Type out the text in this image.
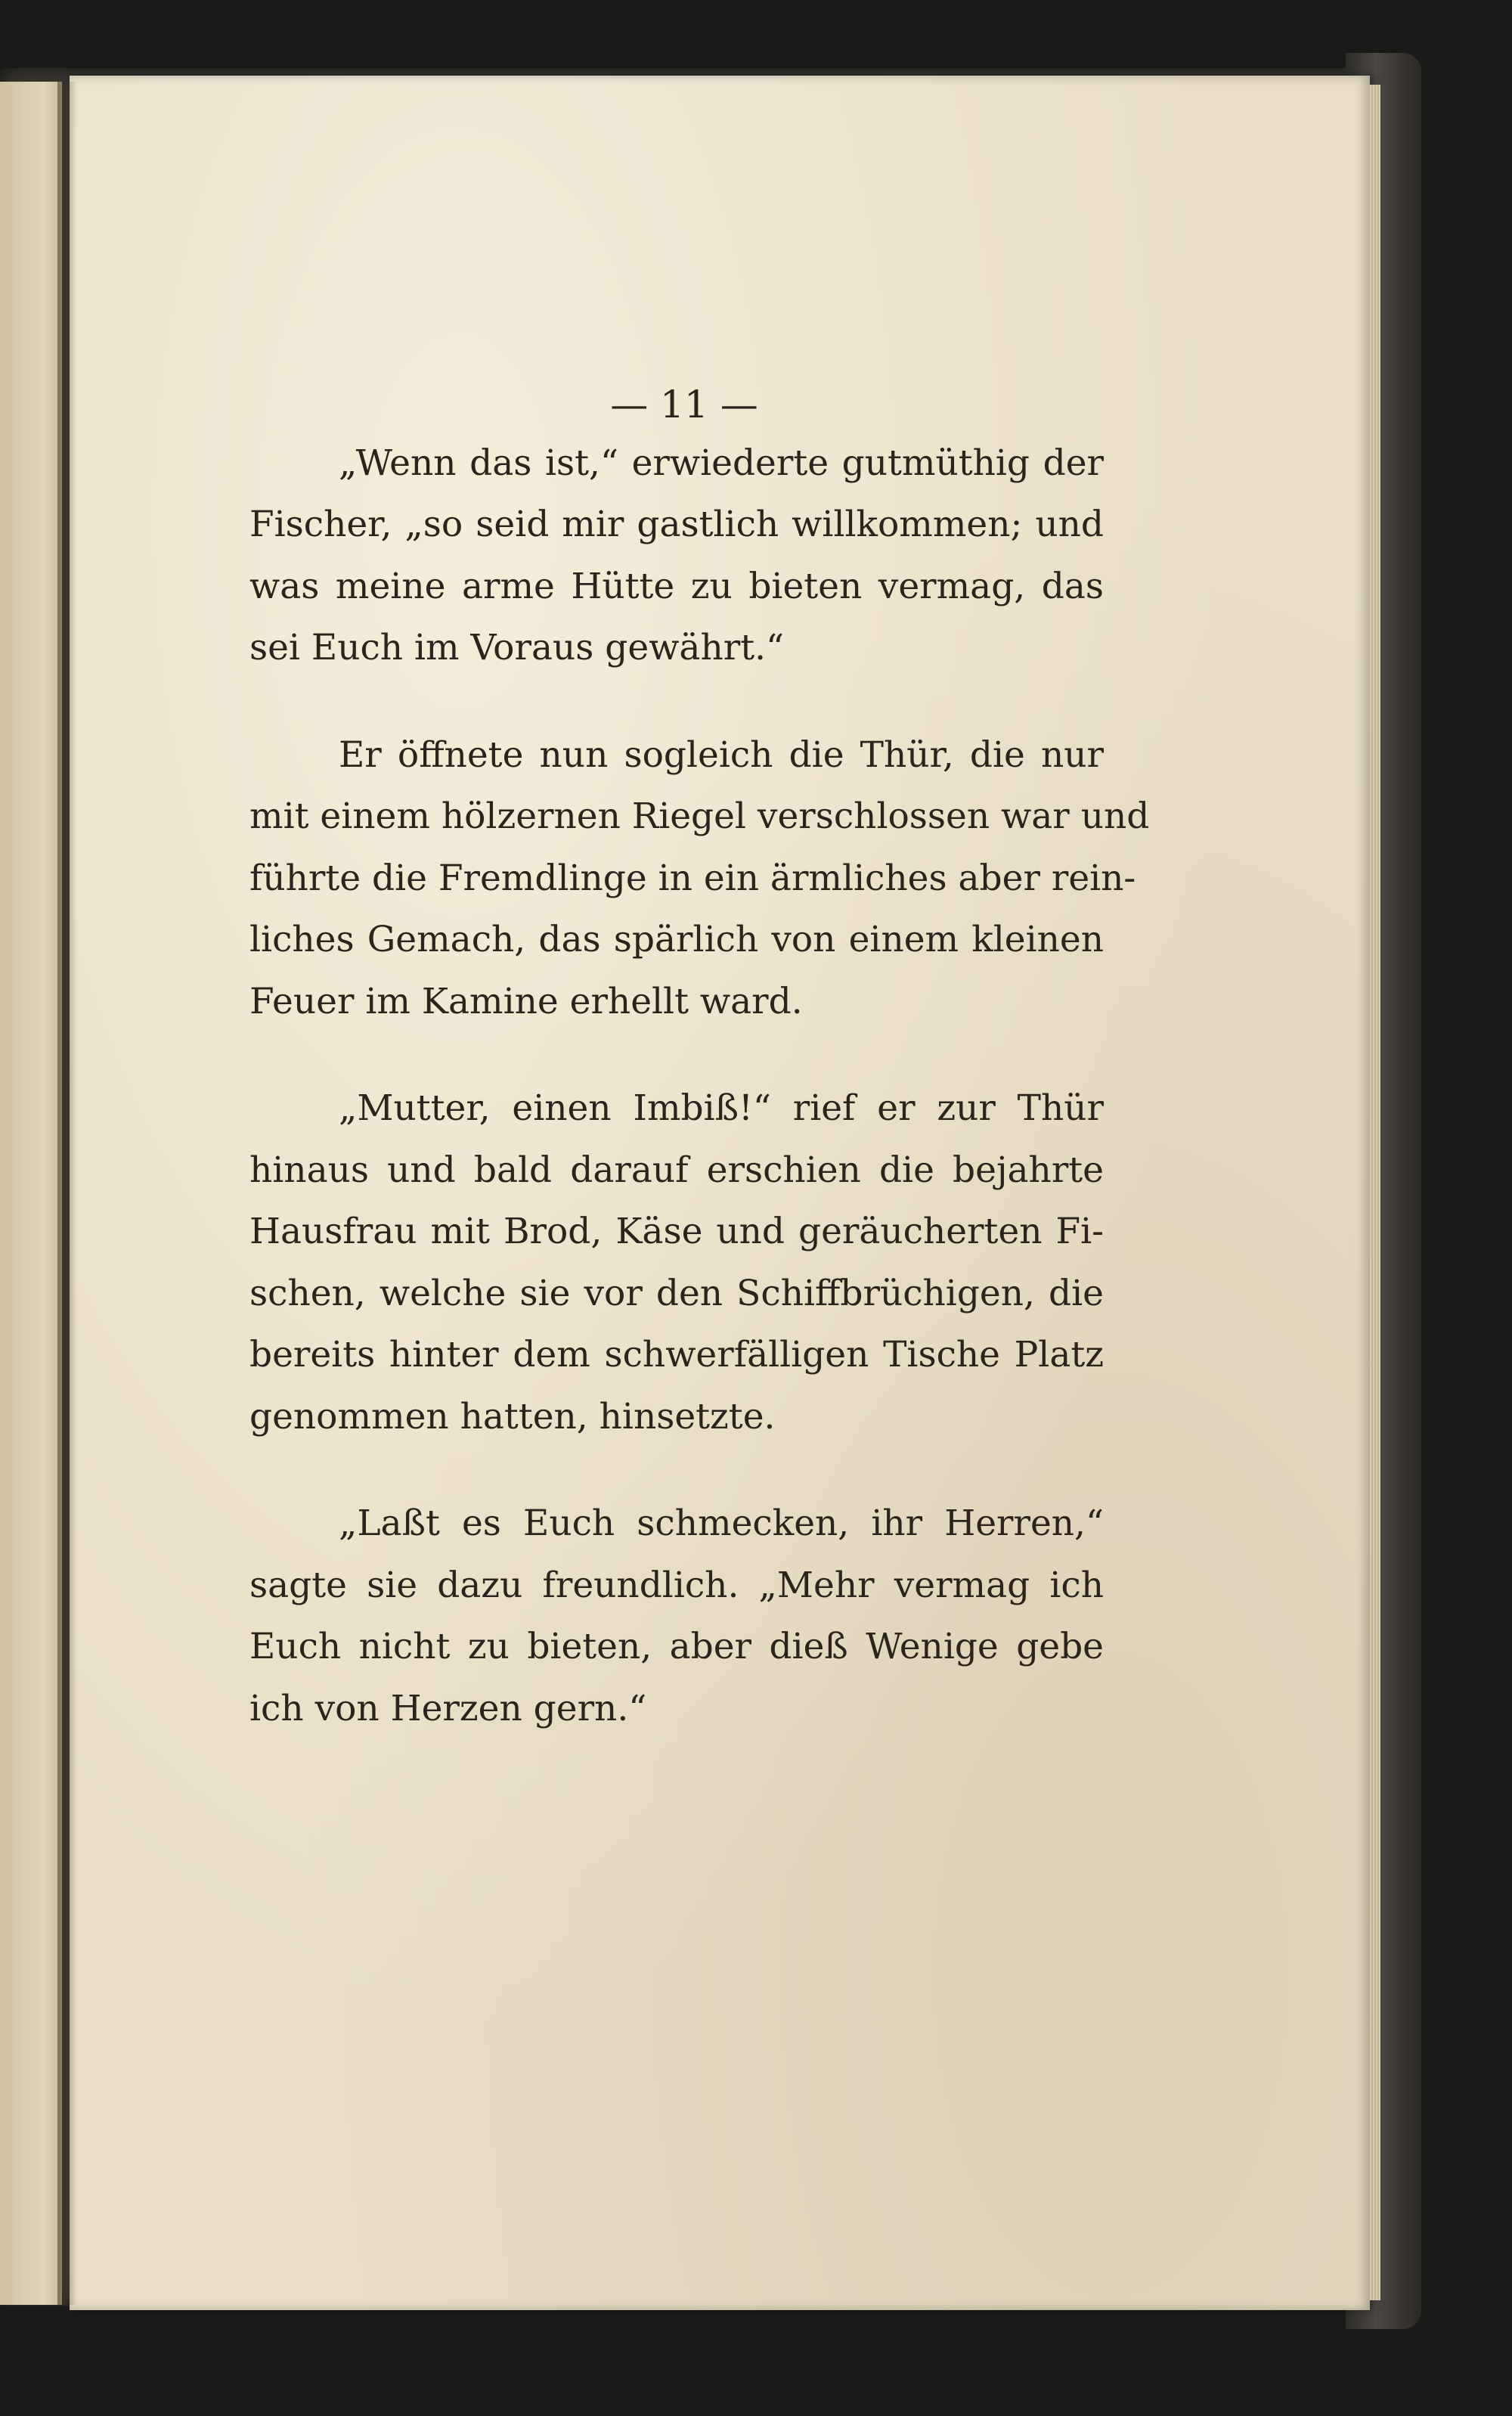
— 11 —

„Wenn das ist,“ erwiederte gutmüthig der
Fischer, „so seid mir gastlich willkommen; und
was meine arme Hütte zu bieten vermag, das
sei Euch im Voraus gewährt.“

Er öffnete nun sogleich die Thür, die nur
mit einem hölzernen Riegel verschlossen war und
führte die Fremdlinge in ein ärmliches aber rein-
liches Gemach, das spärlich von einem kleinen
Feuer im Kamine erhellt ward.

„Mutter, einen Imbiß!“ rief er zur Thür
hinaus und bald darauf erschien die bejahrte
Hausfrau mit Brod, Käse und geräucherten Fi-
schen, welche sie vor den Schiffbrüchigen, die
bereits hinter dem schwerfälligen Tische Platz
genommen hatten, hinsetzte.

„Laßt es Euch schmecken, ihr Herren,“
sagte sie dazu freundlich. „Mehr vermag ich
Euch nicht zu bieten, aber dieß Wenige gebe
ich von Herzen gern.“
